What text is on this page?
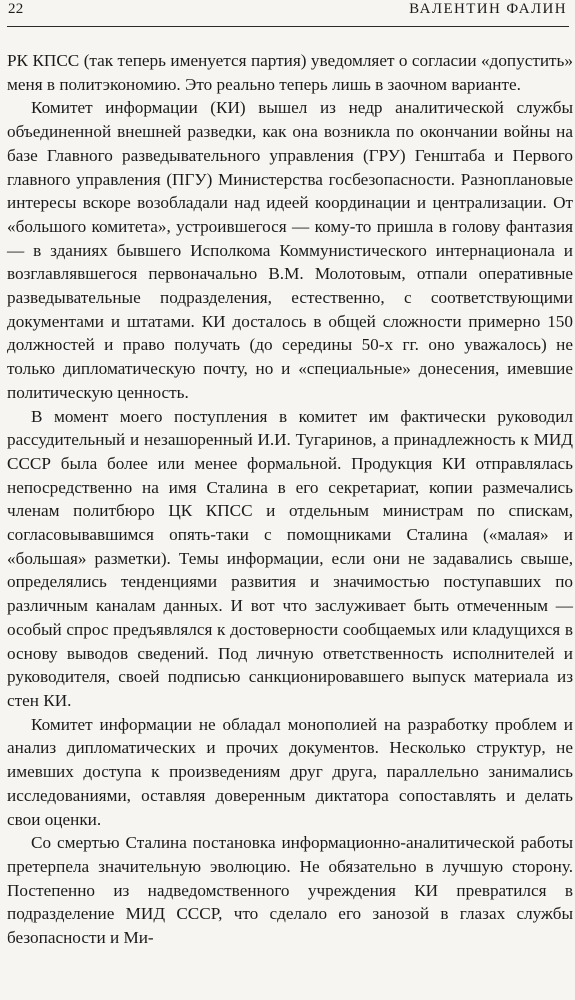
22	ВАЛЕНТИН ФАЛИН

РК КПСС (так теперь именуется партия) уведомляет о согласии «допустить» меня в политэкономию. Это реально теперь лишь в заочном варианте.

Комитет информации (КИ) вышел из недр аналитической службы объединенной внешней разведки, как она возникла по окончании войны на базе Главного разведывательного управления (ГРУ) Генштаба и Первого главного управления (ПГУ) Министерства госбезопасности. Разноплановые интересы вскоре возобладали над идеей координации и централизации. От «большого комитета», устроившегося — кому-то пришла в голову фантазия — в зданиях бывшего Исполкома Коммунистического интернационала и возглавлявшегося первоначально В.М. Молотовым, отпали оперативные разведывательные подразделения, естественно, с соответствующими документами и штатами. КИ досталось в общей сложности примерно 150 должностей и право получать (до середины 50-х гг. оно уважалось) не только дипломатическую почту, но и «специальные» донесения, имевшие политическую ценность.

В момент моего поступления в комитет им фактически руководил рассудительный и незашоренный И.И. Тугаринов, а принадлежность к МИД СССР была более или менее формальной. Продукция КИ отправлялась непосредственно на имя Сталина в его секретариат, копии размечались членам политбюро ЦК КПСС и отдельным министрам по спискам, согласовывавшимся опять-таки с помощниками Сталина («малая» и «большая» разметки). Темы информации, если они не задавались свыше, определялись тенденциями развития и значимостью поступавших по различным каналам данных. И вот что заслуживает быть отмеченным — особый спрос предъявлялся к достоверности сообщаемых или кладущихся в основу выводов сведений. Под личную ответственность исполнителей и руководителя, своей подписью санкционировавшего выпуск материала из стен КИ.

Комитет информации не обладал монополией на разработку проблем и анализ дипломатических и прочих документов. Несколько структур, не имевших доступа к произведениям друг друга, параллельно занимались исследованиями, оставляя доверенным диктатора сопоставлять и делать свои оценки.

Со смертью Сталина постановка информационно-аналитической работы претерпела значительную эволюцию. Не обязательно в лучшую сторону. Постепенно из надведомственного учреждения КИ превратился в подразделение МИД СССР, что сделало его занозой в глазах службы безопасности и Ми-
